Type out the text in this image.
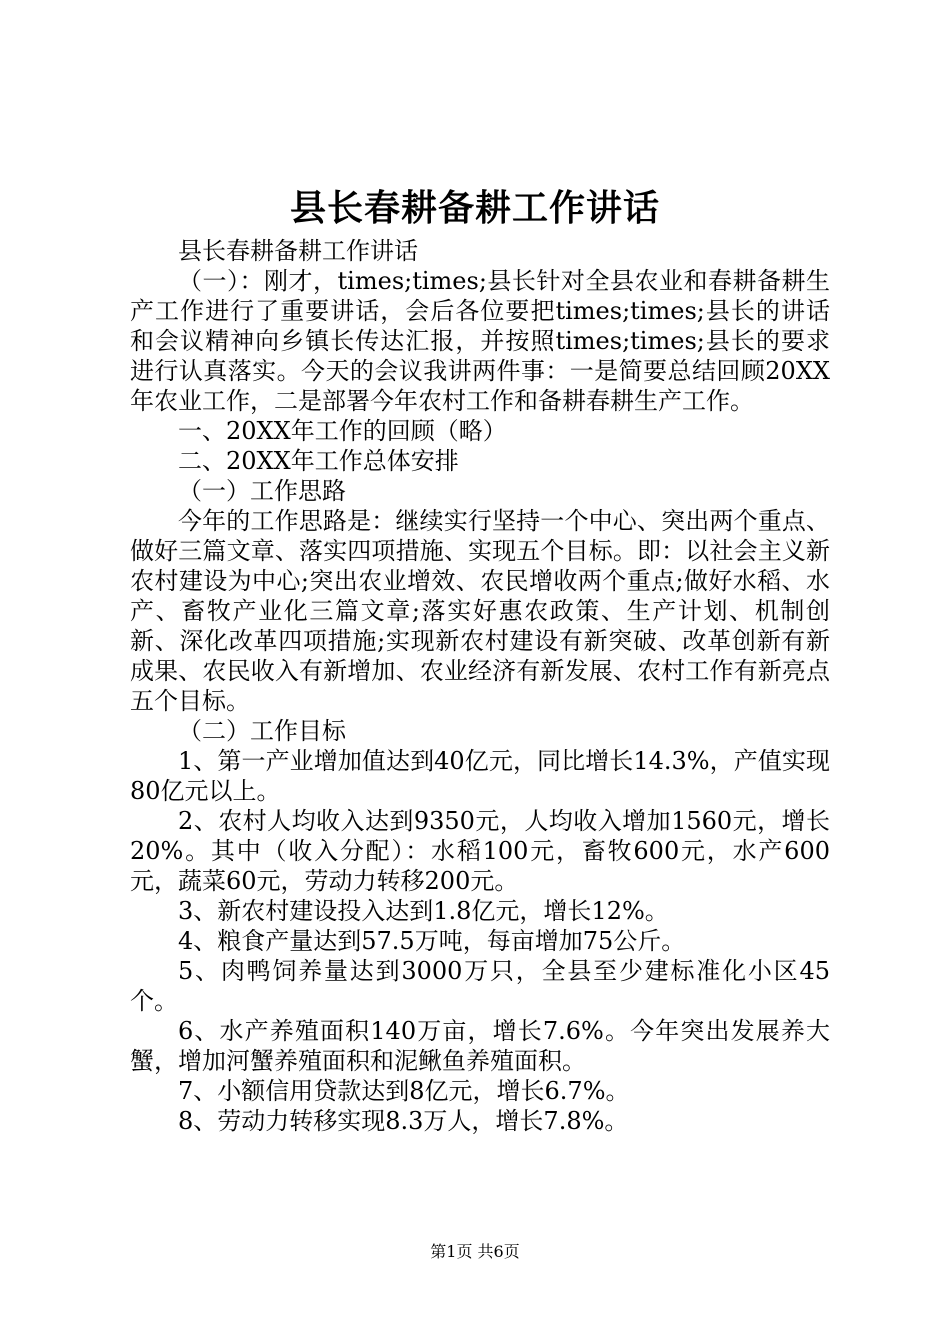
县长春耕备耕工作讲话

县长春耕备耕工作讲话

（一）：刚才，times;times;县长针对全县农业和春耕备耕生产工作进行了重要讲话，会后各位要把times;times;县长的讲话和会议精神向乡镇长传达汇报，并按照times;times;县长的要求进行认真落实。今天的会议我讲两件事：一是简要总结回顾20XX年农业工作，二是部署今年农村工作和备耕春耕生产工作。

一、20XX年工作的回顾（略）

二、20XX年工作总体安排

（一）工作思路

今年的工作思路是：继续实行坚持一个中心、突出两个重点、做好三篇文章、落实四项措施、实现五个目标。即：以社会主义新农村建设为中心;突出农业增效、农民增收两个重点;做好水稻、水产、畜牧产业化三篇文章;落实好惠农政策、生产计划、机制创新、深化改革四项措施;实现新农村建设有新突破、改革创新有新成果、农民收入有新增加、农业经济有新发展、农村工作有新亮点五个目标。

（二）工作目标

1、第一产业增加值达到40亿元，同比增长14.3%，产值实现80亿元以上。

2、农村人均收入达到9350元，人均收入增加1560元，增长20%。其中（收入分配）：水稻100元，畜牧600元，水产600元，蔬菜60元，劳动力转移200元。

3、新农村建设投入达到1.8亿元，增长12%。

4、粮食产量达到57.5万吨，每亩增加75公斤。

5、肉鸭饲养量达到3000万只，全县至少建标准化小区45个。

6、水产养殖面积140万亩，增长7.6%。今年突出发展养大蟹，增加河蟹养殖面积和泥鳅鱼养殖面积。

7、小额信用贷款达到8亿元，增长6.7%。

8、劳动力转移实现8.3万人，增长7.8%。

第1页 共6页
